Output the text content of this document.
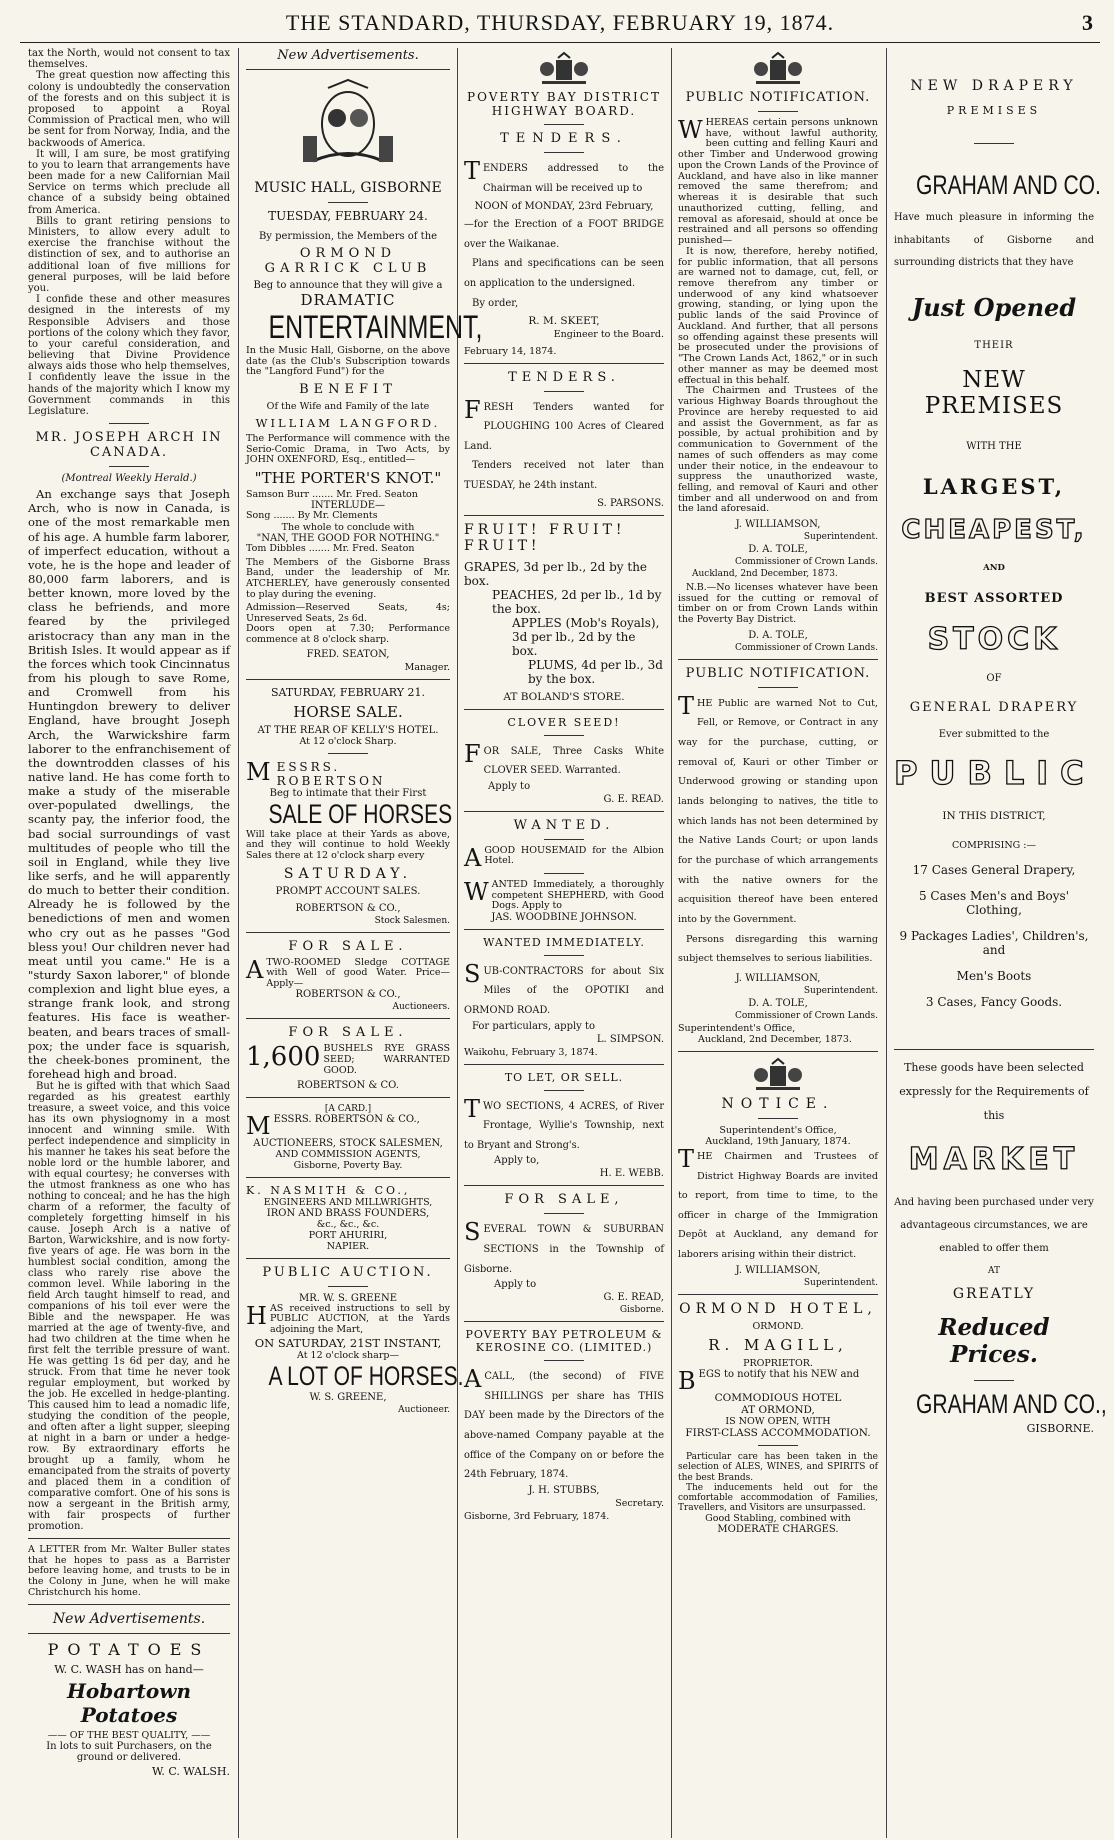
THE STANDARD, THURSDAY, FEBRUARY 19, 1874.	3

tax the North, would not consent to tax themselves.

The great question now affecting this colony is undoubtedly the conservation of the forests and on this subject it is proposed to appoint a Royal Commission of Practical men, who will be sent for from Norway, India, and the backwoods of America.

It will, I am sure, be most gratifying to you to learn that arrangements have been made for a new Californian Mail Service on terms which preclude all chance of a subsidy being obtained from America.

Bills to grant retiring pensions to Ministers, to allow every adult to exercise the franchise without the distinction of sex, and to authorise an additional loan of five millions for general purposes, will be laid before you.

I confide these and other measures designed in the interests of my Responsible Advisers and those portions of the colony which they favor, to your careful consideration, and believing that Divine Providence always aids those who help themselves, I confidently leave the issue in the hands of the majority which I know my Government commands in this Legislature.

MR. JOSEPH ARCH IN CANADA.

(Montreal Weekly Herald.)

An exchange says that Joseph Arch, who is now in Canada, is one of the most remarkable men of his age. A humble farm laborer, of imperfect education, without a vote, he is the hope and leader of 80,000 farm laborers, and is better known, more loved by the class he befriends, and more feared by the privileged aristocracy than any man in the British Isles. It would appear as if the forces which took Cincinnatus from his plough to save Rome, and Cromwell from his Huntingdon brewery to deliver England, have brought Joseph Arch, the Warwickshire farm laborer to the enfranchisement of the downtrodden classes of his native land. He has come forth to make a study of the miserable over-populated dwellings, the scanty pay, the inferior food, the bad social surroundings of vast multitudes of people who till the soil in England, while they live like serfs, and he will apparently do much to better their condition. Already he is followed by the benedictions of men and women who cry out as he passes "God bless you! Our children never had meat until you came." He is a "sturdy Saxon laborer," of blonde complexion and light blue eyes, a strange frank look, and strong features. His face is weather-beaten, and bears traces of small-pox; the under face is squarish, the cheek-bones prominent, the forehead high and broad.

But he is gifted with that which Saad regarded as his greatest earthly treasure, a sweet voice, and this voice has its own physiognomy in a most innocent and winning smile. With perfect independence and simplicity in his manner he takes his seat before the noble lord or the humble laborer, and with equal courtesy; he converses with the utmost frankness as one who has nothing to conceal; and he has the high charm of a reformer, the faculty of completely forgetting himself in his cause. Joseph Arch is a native of Barton, Warwickshire, and is now forty-five years of age. He was born in the humblest social condition, among the class who rarely rise above the common level. While laboring in the field Arch taught himself to read, and companions of his toil ever were the Bible and the newspaper. He was married at the age of twenty-five, and had two children at the time when he first felt the terrible pressure of want. He was getting 1s 6d per day, and he struck. From that time he never took regular employment, but worked by the job. He excelled in hedge-planting. This caused him to lead a nomadic life, studying the condition of the people, and often after a light supper, sleeping at night in a barn or under a hedge-row. By extraordinary efforts he brought up a family, whom he emancipated from the straits of poverty and placed them in a condition of comparative comfort. One of his sons is now a sergeant in the British army, with fair prospects of further promotion.

A LETTER from Mr. Walter Buller states that he hopes to pass as a Barrister before leaving home, and trusts to be in the Colony in June, when he will make Christchurch his home.

New Advertisements.

POTATOES

W. C. WASH has on hand—

Hobartown Potatoes

—— OF THE BEST QUALITY, ——

In lots to suit Purchasers, on the ground or delivered.

W. C. WALSH.

New Advertisements.

MUSIC HALL, GISBORNE

TUESDAY, FEBRUARY 24.

By permission, the Members of the

ORMOND GARRICK CLUB

Beg to announce that they will give a

DRAMATIC

ENTERTAINMENT,

In the Music Hall, Gisborne, on the above date (as the Club's Subscription towards the "Langford Fund") for the

BENEFIT

Of the Wife and Family of the late

WILLIAM LANGFORD.

The Performance will commence with the Serio-Comic Drama, in Two Acts, by JOHN OXENFORD, Esq., entitled—

"THE PORTER'S KNOT."

Samson Burr ....... Mr. Fred. Seaton

INTERLUDE—

Song ....... By Mr. Clements

The whole to conclude with

"NAN, THE GOOD FOR NOTHING."

Tom Dibbles ....... Mr. Fred. Seaton

The Members of the Gisborne Brass Band, under the leadership of Mr. ATCHERLEY, have generously consented to play during the evening.

Admission—Reserved Seats, 4s; Unreserved Seats, 2s 6d.

Doors open at 7.30; Performance commence at 8 o'clock sharp.

FRED. SEATON,

Manager.

SATURDAY, FEBRUARY 21.

HORSE SALE.

AT THE REAR OF KELLY'S HOTEL.

At 12 o'clock Sharp.

MESSRS. ROBERTSON

Beg to intimate that their First

SALE OF HORSES

Will take place at their Yards as above, and they will continue to hold Weekly Sales there at 12 o'clock sharp every

SATURDAY.

PROMPT ACCOUNT SALES.

ROBERTSON & CO.,

Stock Salesmen.

FOR SALE.

ATWO-ROOMED Sledge COTTAGE with Well of good Water. Price— Apply—

ROBERTSON & CO.,

Auctioneers.

FOR SALE.

1,600 BUSHELS RYE GRASS SEED; WARRANTED GOOD.

ROBERTSON & CO.

[A CARD.]

MESSRS. ROBERTSON & CO.,

AUCTIONEERS, STOCK SALESMEN,

AND COMMISSION AGENTS,

Gisborne, Poverty Bay.

K. NASMITH & CO.,

ENGINEERS AND MILLWRIGHTS,

IRON AND BRASS FOUNDERS,

&c., &c., &c.

PORT AHURIRI,

NAPIER.

PUBLIC AUCTION.

MR. W. S. GREENE

HAS received instructions to sell by PUBLIC AUCTION, at the Yards adjoining the Mart,

ON SATURDAY, 21ST INSTANT,

At 12 o'clock sharp—

A LOT OF HORSES.

W. S. GREENE,

Auctioneer.

POVERTY BAY DISTRICT

HIGHWAY BOARD.

TENDERS.

TENDERS addressed to the Chairman will be received up to

NOON of MONDAY, 23rd February,

—for the Erection of a FOOT BRIDGE over the Waikanae.

Plans and specifications can be seen on application to the undersigned.

By order,

R. M. SKEET,

Engineer to the Board.

February 14, 1874.

TENDERS.

FRESH Tenders wanted for PLOUGHING 100 Acres of Cleared Land.

Tenders received not later than TUESDAY, he 24th instant.

S. PARSONS.

FRUIT! FRUIT! FRUIT!

GRAPES, 3d per lb., 2d by the box.

PEACHES, 2d per lb., 1d by the box.

APPLES (Mob's Royals), 3d per lb., 2d by the box.

PLUMS, 4d per lb., 3d by the box.

AT BOLAND'S STORE.

CLOVER SEED!

FOR SALE, Three Casks White CLOVER SEED. Warranted.

Apply to

G. E. READ.

WANTED.

AGOOD HOUSEMAID for the Albion Hotel.

WANTED Immediately, a thoroughly competent SHEPHERD, with Good Dogs. Apply to

JAS. WOODBINE JOHNSON.

WANTED IMMEDIATELY.

SUB-CONTRACTORS for about Six Miles of the OPOTIKI and ORMOND ROAD.

For particulars, apply to

L. SIMPSON.

Waikohu, February 3, 1874.

TO LET, OR SELL.

TWO SECTIONS, 4 ACRES, of River Frontage, Wyllie's Township, next to Bryant and Strong's.

Apply to,

H. E. WEBB.

FOR SALE,

SEVERAL TOWN & SUBURBAN SECTIONS in the Township of Gisborne.

Apply to

G. E. READ,

Gisborne.

POVERTY BAY PETROLEUM &

KEROSINE CO. (LIMITED.)

ACALL, (the second) of FIVE SHILLINGS per share has THIS DAY been made by the Directors of the above-named Company payable at the office of the Company on or before the 24th February, 1874.

J. H. STUBBS,

Secretary.

Gisborne, 3rd February, 1874.

PUBLIC NOTIFICATION.

WHEREAS certain persons unknown have, without lawful authority, been cutting and felling Kauri and other Timber and Underwood growing upon the Crown Lands of the Province of Auckland, and have also in like manner removed the same therefrom; and whereas it is desirable that such unauthorized cutting, felling, and removal as aforesaid, should at once be restrained and all persons so offending punished—

It is now, therefore, hereby notified, for public information, that all persons are warned not to damage, cut, fell, or remove therefrom any timber or underwood of any kind whatsoever growing, standing, or lying upon the public lands of the said Province of Auckland. And further, that all persons so offending against these presents will be prosecuted under the provisions of "The Crown Lands Act, 1862," or in such other manner as may be deemed most effectual in this behalf.

The Chairmen and Trustees of the various Highway Boards throughout the Province are hereby requested to aid and assist the Government, as far as possible, by actual prohibition and by communication to Government of the names of such offenders as may come under their notice, in the endeavour to suppress the unauthorized waste, felling, and removal of Kauri and other timber and all underwood on and from the land aforesaid.

J. WILLIAMSON,

Superintendent.

D. A. TOLE,

Commissioner of Crown Lands.

Auckland, 2nd December, 1873.

N.B.—No licenses whatever have been issued for the cutting or removal of timber on or from Crown Lands within the Poverty Bay District.

D. A. TOLE,

Commissioner of Crown Lands.

PUBLIC NOTIFICATION.

THE Public are warned Not to Cut, Fell, or Remove, or Contract in any way for the purchase, cutting, or removal of, Kauri or other Timber or Underwood growing or standing upon lands belonging to natives, the title to which lands has not been determined by the Native Lands Court; or upon lands for the purchase of which arrangements with the native owners for the acquisition thereof have been entered into by the Government.

Persons disregarding this warning subject themselves to serious liabilities.

J. WILLIAMSON,

Superintendent.

D. A. TOLE,

Commissioner of Crown Lands.

Superintendent's Office,

Auckland, 2nd December, 1873.

NOTICE.

Superintendent's Office,

Auckland, 19th January, 1874.

THE Chairmen and Trustees of District Highway Boards are invited to report, from time to time, to the officer in charge of the Immigration Depôt at Auckland, any demand for laborers arising within their district.

J. WILLIAMSON,

Superintendent.

ORMOND HOTEL,

ORMOND.

R. MAGILL,

PROPRIETOR.

BEGS to notify that his NEW and

COMMODIOUS HOTEL

AT ORMOND,

IS NOW OPEN, WITH

FIRST-CLASS ACCOMMODATION.

Particular care has been taken in the selection of ALES, WINES, and SPIRITS of the best Brands.

The inducements held out for the comfortable accommodation of Families, Travellers, and Visitors are unsurpassed.

Good Stabling, combined with

MODERATE CHARGES.

NEW DRAPERY

PREMISES

GRAHAM AND CO.

Have much pleasure in informing the inhabitants of Gisborne and surrounding districts that they have

Just Opened

THEIR

NEW PREMISES

WITH THE

LARGEST,

CHEAPEST,

AND

BEST ASSORTED

STOCK

OF

GENERAL DRAPERY

Ever submitted to the

PUBLIC

IN THIS DISTRICT,

COMPRISING :—

17 Cases General Drapery,

5 Cases Men's and Boys' Clothing,

9 Packages Ladies', Children's, and

Men's Boots

3 Cases, Fancy Goods.

These goods have been selected expressly for the Requirements of this

MARKET

And having been purchased under very advantageous circumstances, we are enabled to offer them

AT

GREATLY

Reduced Prices.

GRAHAM AND CO.,

GISBORNE.
